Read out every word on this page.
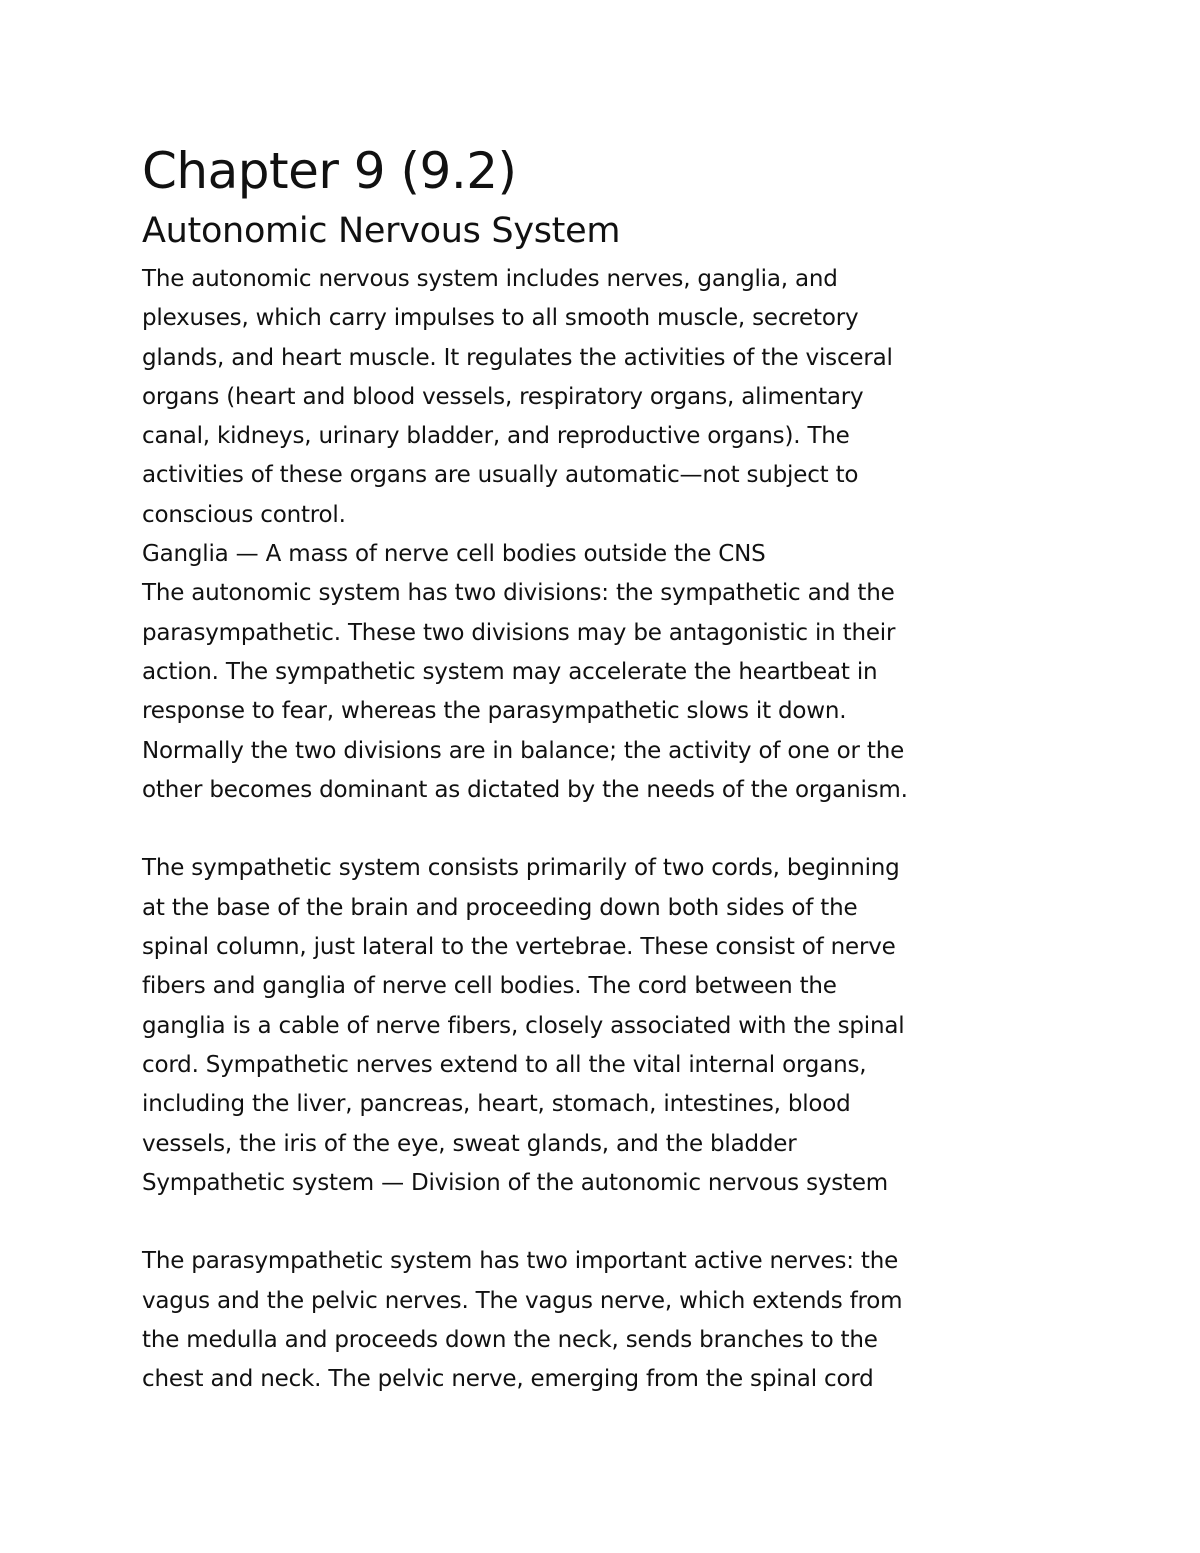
Chapter 9 (9.2)
Autonomic Nervous System

The autonomic nervous system includes nerves, ganglia, and
plexuses, which carry impulses to all smooth muscle, secretory
glands, and heart muscle. It regulates the activities of the visceral
organs (heart and blood vessels, respiratory organs, alimentary
canal, kidneys, urinary bladder, and reproductive organs). The
activities of these organs are usually automatic—not subject to
conscious control.

Ganglia — A mass of nerve cell bodies outside the CNS

The autonomic system has two divisions: the sympathetic and the
parasympathetic. These two divisions may be antagonistic in their
action. The sympathetic system may accelerate the heartbeat in
response to fear, whereas the parasympathetic slows it down.
Normally the two divisions are in balance; the activity of one or the
other becomes dominant as dictated by the needs of the organism.

The sympathetic system consists primarily of two cords, beginning
at the base of the brain and proceeding down both sides of the
spinal column, just lateral to the vertebrae. These consist of nerve
fibers and ganglia of nerve cell bodies. The cord between the
ganglia is a cable of nerve fibers, closely associated with the spinal
cord. Sympathetic nerves extend to all the vital internal organs,
including the liver, pancreas, heart, stomach, intestines, blood
vessels, the iris of the eye, sweat glands, and the bladder

Sympathetic system — Division of the autonomic nervous system

The parasympathetic system has two important active nerves: the
vagus and the pelvic nerves. The vagus nerve, which extends from
the medulla and proceeds down the neck, sends branches to the
chest and neck. The pelvic nerve, emerging from the spinal cord
